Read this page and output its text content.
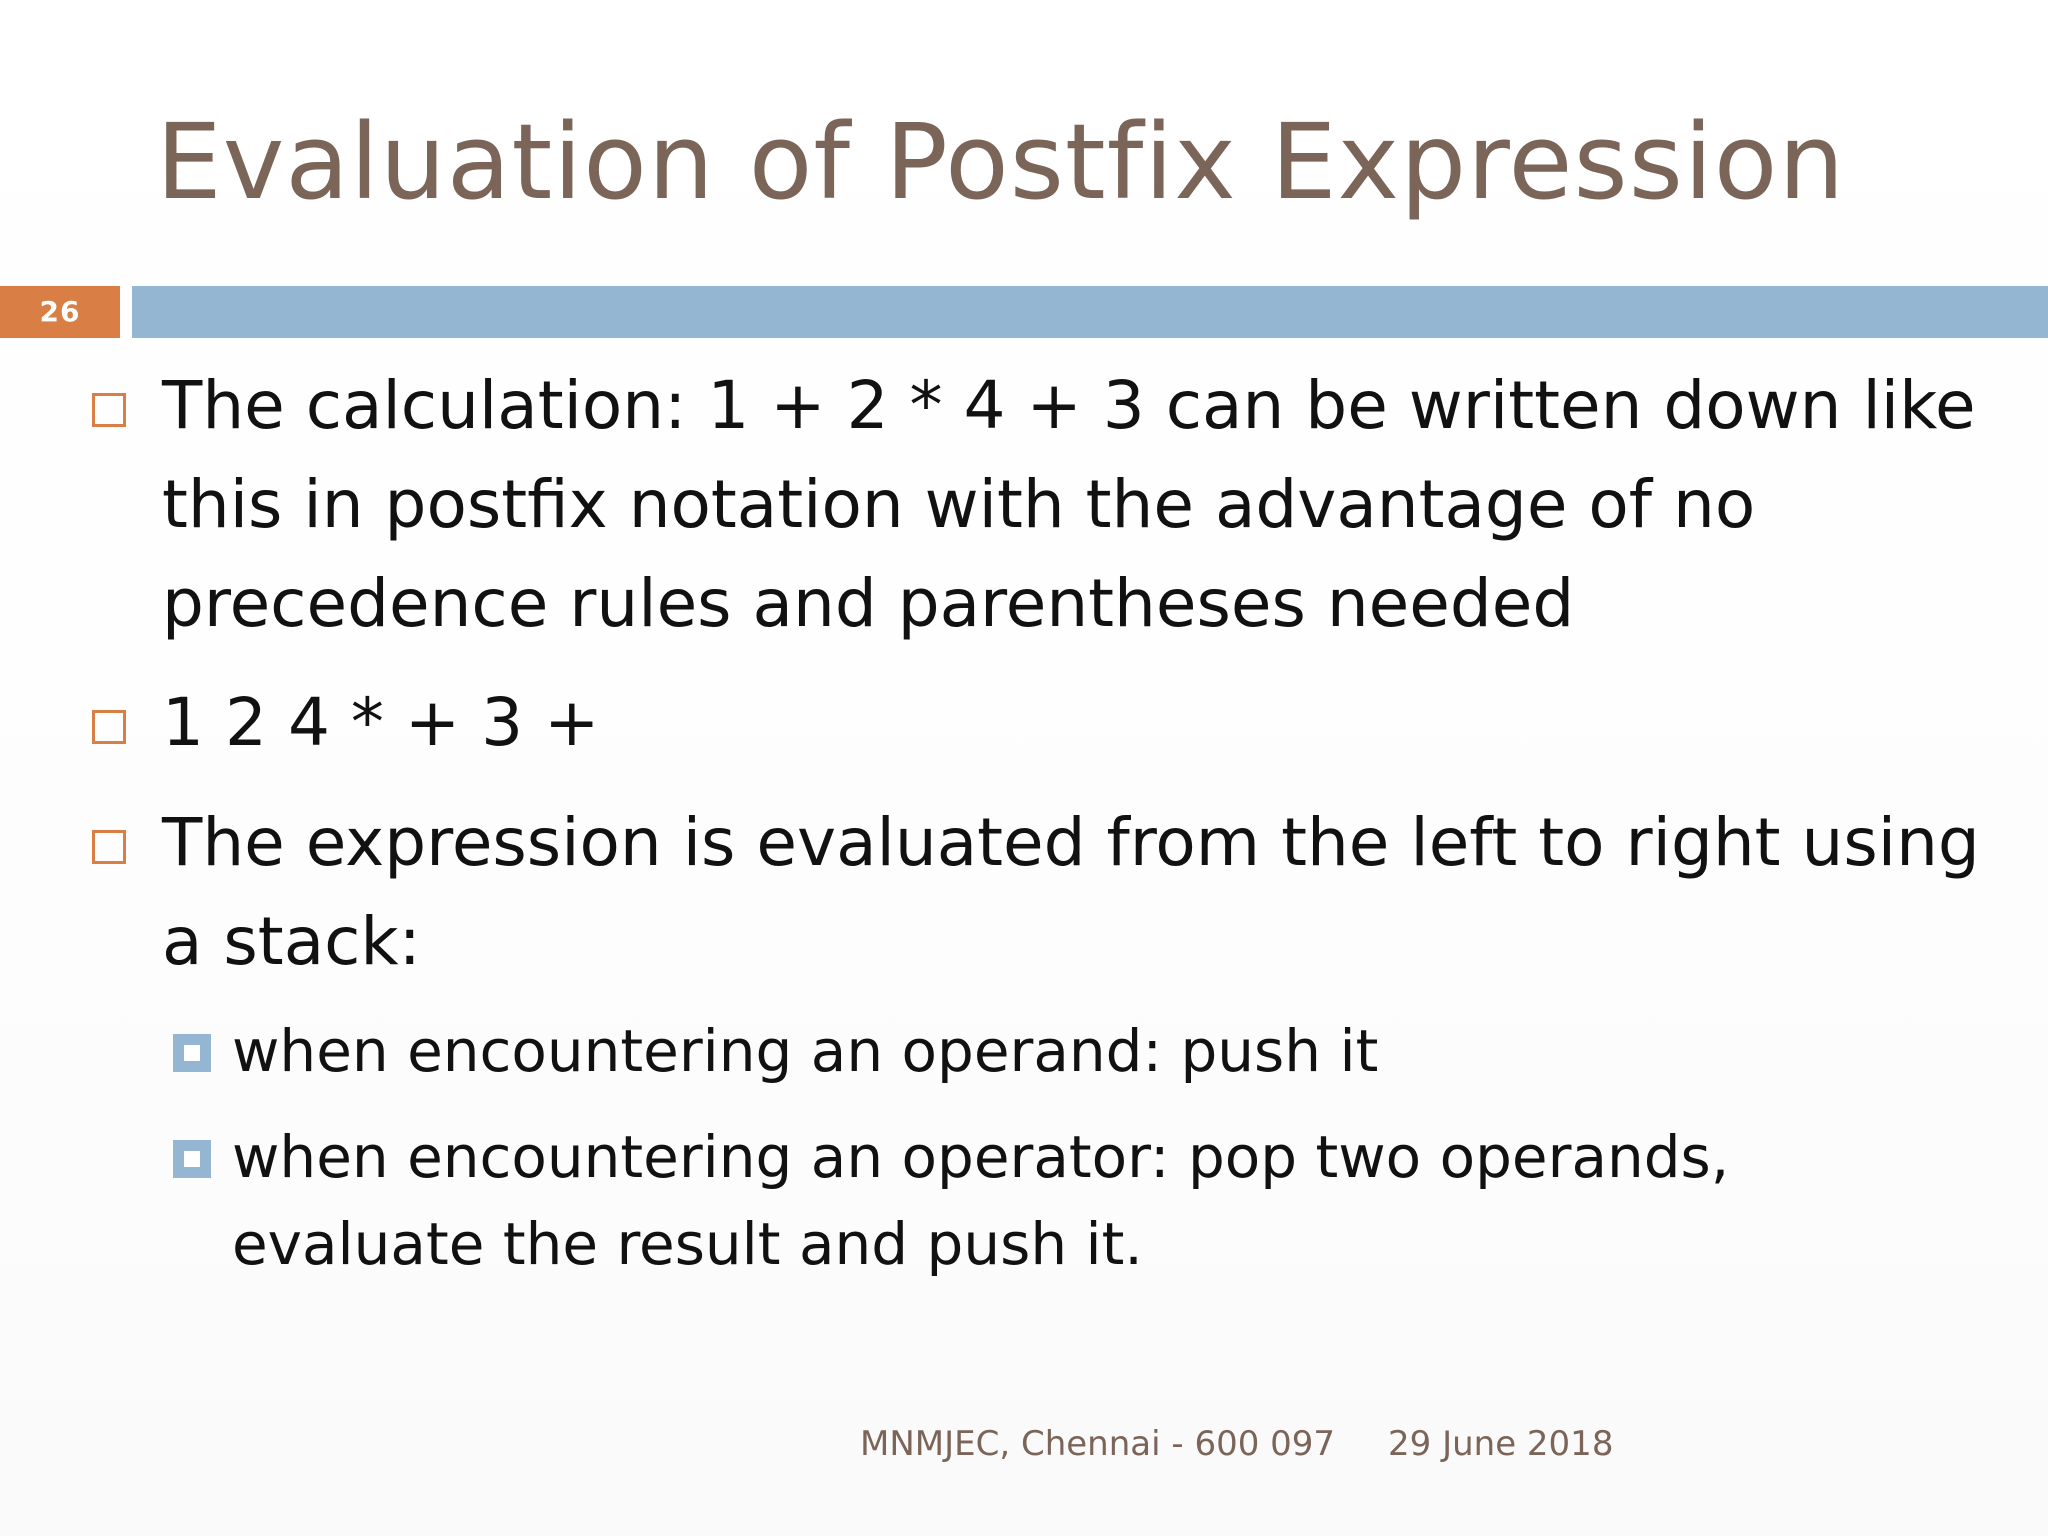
Evaluation of Postfix Expression
26
The calculation: 1 + 2 * 4 + 3 can be written down like
this in postfix notation with the advantage of no
precedence rules and parentheses needed
1 2 4 * + 3 +
The expression is evaluated from the left to right using
a stack:
when encountering an operand: push it
when encountering an operator: pop two operands,
evaluate the result and push it.
MNMJEC, Chennai - 600 097 29 June 2018
